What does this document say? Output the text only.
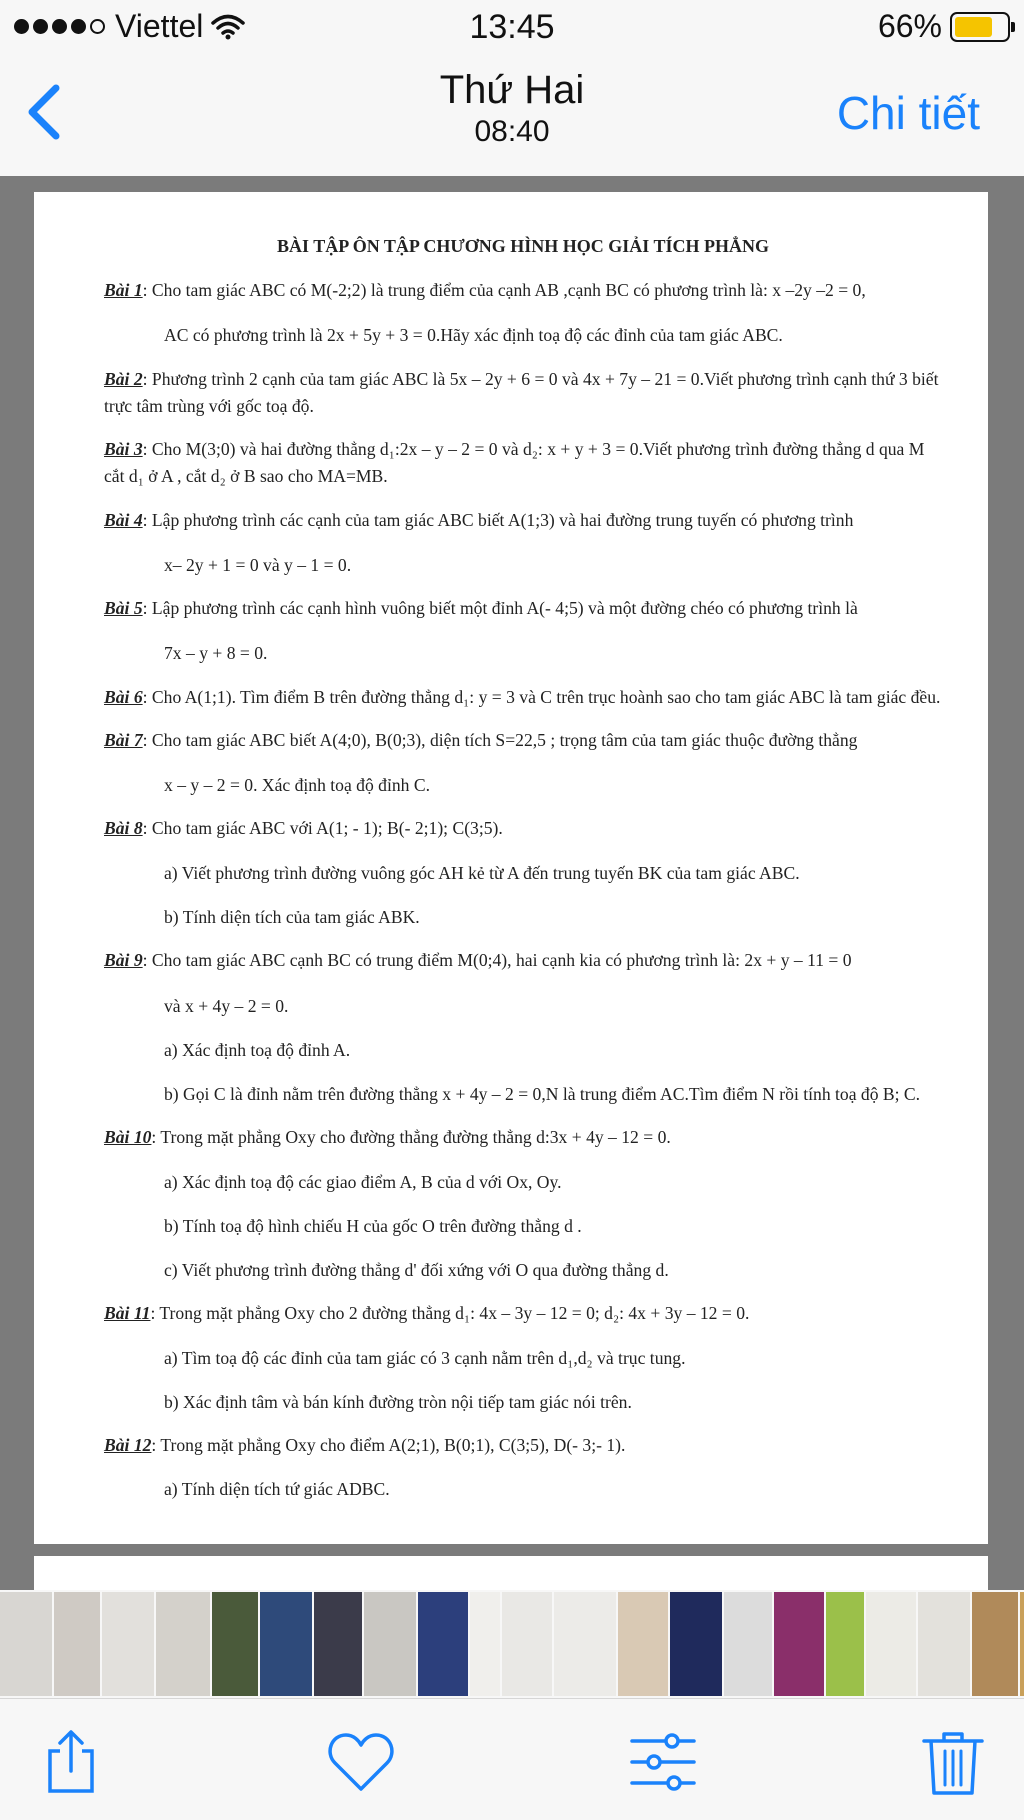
Viettel	13:45	66%
Thứ Hai
08:40	Chi tiết
BÀI TẬP ÔN TẬP CHƯƠNG HÌNH HỌC GIẢI TÍCH PHẲNG
Bài 1: Cho tam giác ABC có M(-2;2) là trung điểm của cạnh AB ,cạnh BC có phương trình là: x –2y –2 = 0,
AC có phương trình là 2x + 5y + 3 = 0.Hãy xác định toạ độ các đỉnh của tam giác ABC.
Bài 2: Phương trình 2 cạnh của tam giác ABC là 5x – 2y + 6 = 0 và 4x + 7y – 21 = 0.Viết phương trình cạnh thứ 3 biết trực tâm trùng với gốc toạ độ.
Bài 3: Cho M(3;0) và hai đường thẳng d₁:2x – y – 2 = 0 và d₂: x + y + 3 = 0.Viết phương trình đường thẳng d qua M cắt d₁ ở A , cắt d₂ ở B sao cho MA=MB.
Bài 4: Lập phương trình các cạnh của tam giác ABC biết A(1;3) và hai đường trung tuyến có phương trình
x– 2y + 1 = 0 và y – 1 = 0.
Bài 5: Lập phương trình các cạnh hình vuông biết một đỉnh A(- 4;5) và một đường chéo có phương trình là
7x – y + 8 = 0.
Bài 6: Cho A(1;1). Tìm điểm B trên đường thẳng d₁: y = 3 và C trên trục hoành sao cho tam giác ABC là tam giác đều.
Bài 7: Cho tam giác ABC biết A(4;0), B(0;3), diện tích S=22,5 ; trọng tâm của tam giác thuộc đường thẳng
x – y – 2 = 0. Xác định toạ độ đỉnh C.
Bài 8: Cho tam giác ABC với A(1; - 1); B(- 2;1); C(3;5).
a) Viết phương trình đường vuông góc AH kẻ từ A đến trung tuyến BK của tam giác ABC.
b) Tính diện tích của tam giác ABK.
Bài 9: Cho tam giác ABC cạnh BC có trung điểm M(0;4), hai cạnh kia có phương trình là: 2x + y – 11 = 0
và x + 4y – 2 = 0.
a) Xác định toạ độ đỉnh A.
b) Gọi C là đỉnh nằm trên đường thẳng x + 4y – 2 = 0,N là trung điểm AC.Tìm điểm N rồi tính toạ độ B; C.
Bài 10: Trong mặt phẳng Oxy cho đường thẳng đường thẳng d:3x + 4y – 12 = 0.
a) Xác định toạ độ các giao điểm A, B của d với Ox, Oy.
b) Tính toạ độ hình chiếu H của gốc O trên đường thẳng d .
c) Viết phương trình đường thẳng d' đối xứng với O qua đường thẳng d.
Bài 11: Trong mặt phẳng Oxy cho 2 đường thẳng d₁: 4x – 3y – 12 = 0; d₂: 4x + 3y – 12 = 0.
a) Tìm toạ độ các đỉnh của tam giác có 3 cạnh nằm trên d₁,d₂ và trục tung.
b) Xác định tâm và bán kính đường tròn nội tiếp tam giác nói trên.
Bài 12: Trong mặt phẳng Oxy cho điểm A(2;1), B(0;1), C(3;5), D(- 3;- 1).
a) Tính diện tích tứ giác ADBC.
